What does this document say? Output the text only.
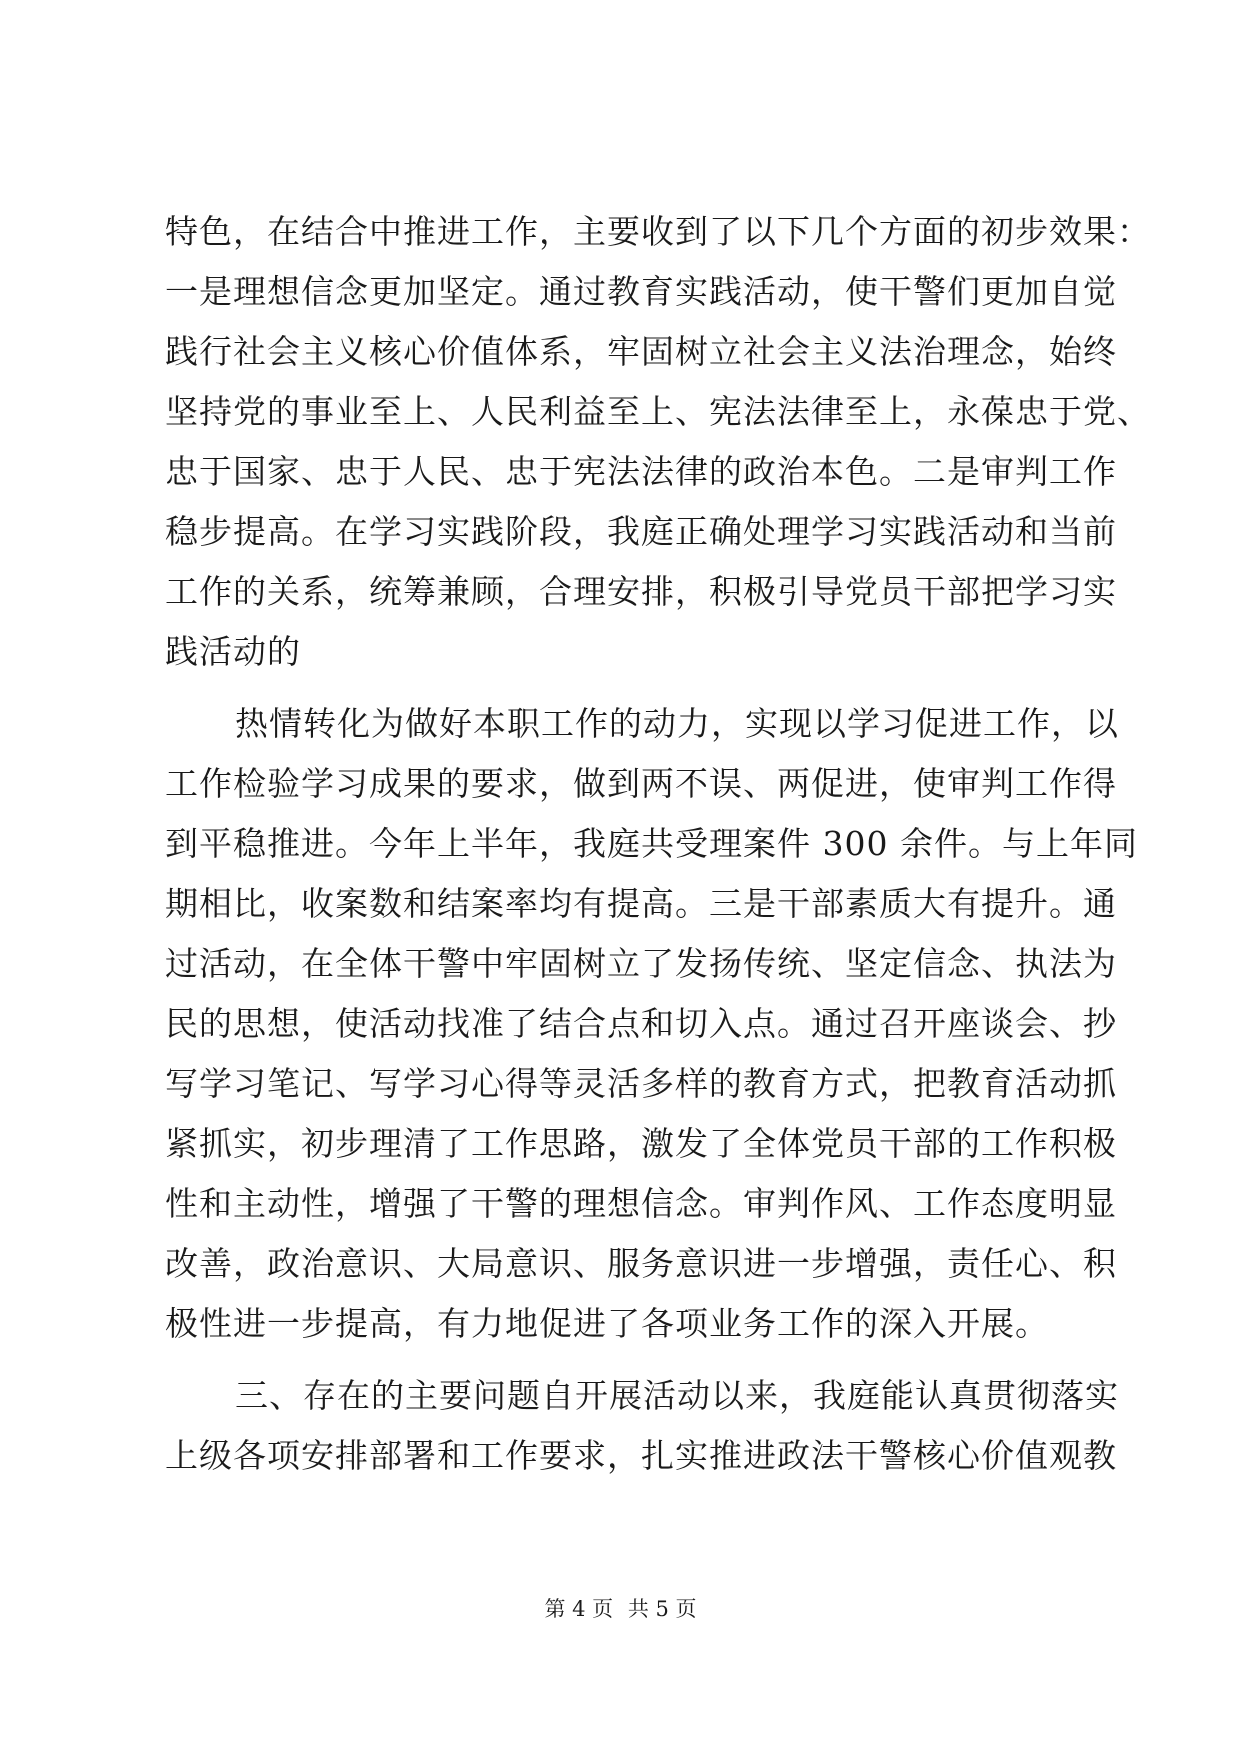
特色，在结合中推进工作，主要收到了以下几个方面的初步效果：

一是理想信念更加坚定。通过教育实践活动，使干警们更加自觉

践行社会主义核心价值体系，牢固树立社会主义法治理念，始终

坚持党的事业至上、人民利益至上、宪法法律至上，永葆忠于党、

忠于国家、忠于人民、忠于宪法法律的政治本色。二是审判工作

稳步提高。在学习实践阶段，我庭正确处理学习实践活动和当前

工作的关系，统筹兼顾，合理安排，积极引导党员干部把学习实

践活动的

热情转化为做好本职工作的动力，实现以学习促进工作，以

工作检验学习成果的要求，做到两不误、两促进，使审判工作得

到平稳推进。今年上半年，我庭共受理案件 300 余件。与上年同

期相比，收案数和结案率均有提高。三是干部素质大有提升。通

过活动，在全体干警中牢固树立了发扬传统、坚定信念、执法为

民的思想，使活动找准了结合点和切入点。通过召开座谈会、抄

写学习笔记、写学习心得等灵活多样的教育方式，把教育活动抓

紧抓实，初步理清了工作思路，激发了全体党员干部的工作积极

性和主动性，增强了干警的理想信念。审判作风、工作态度明显

改善，政治意识、大局意识、服务意识进一步增强，责任心、积

极性进一步提高，有力地促进了各项业务工作的深入开展。

三、存在的主要问题自开展活动以来，我庭能认真贯彻落实

上级各项安排部署和工作要求，扎实推进政法干警核心价值观教

第 4 页 共 5 页
